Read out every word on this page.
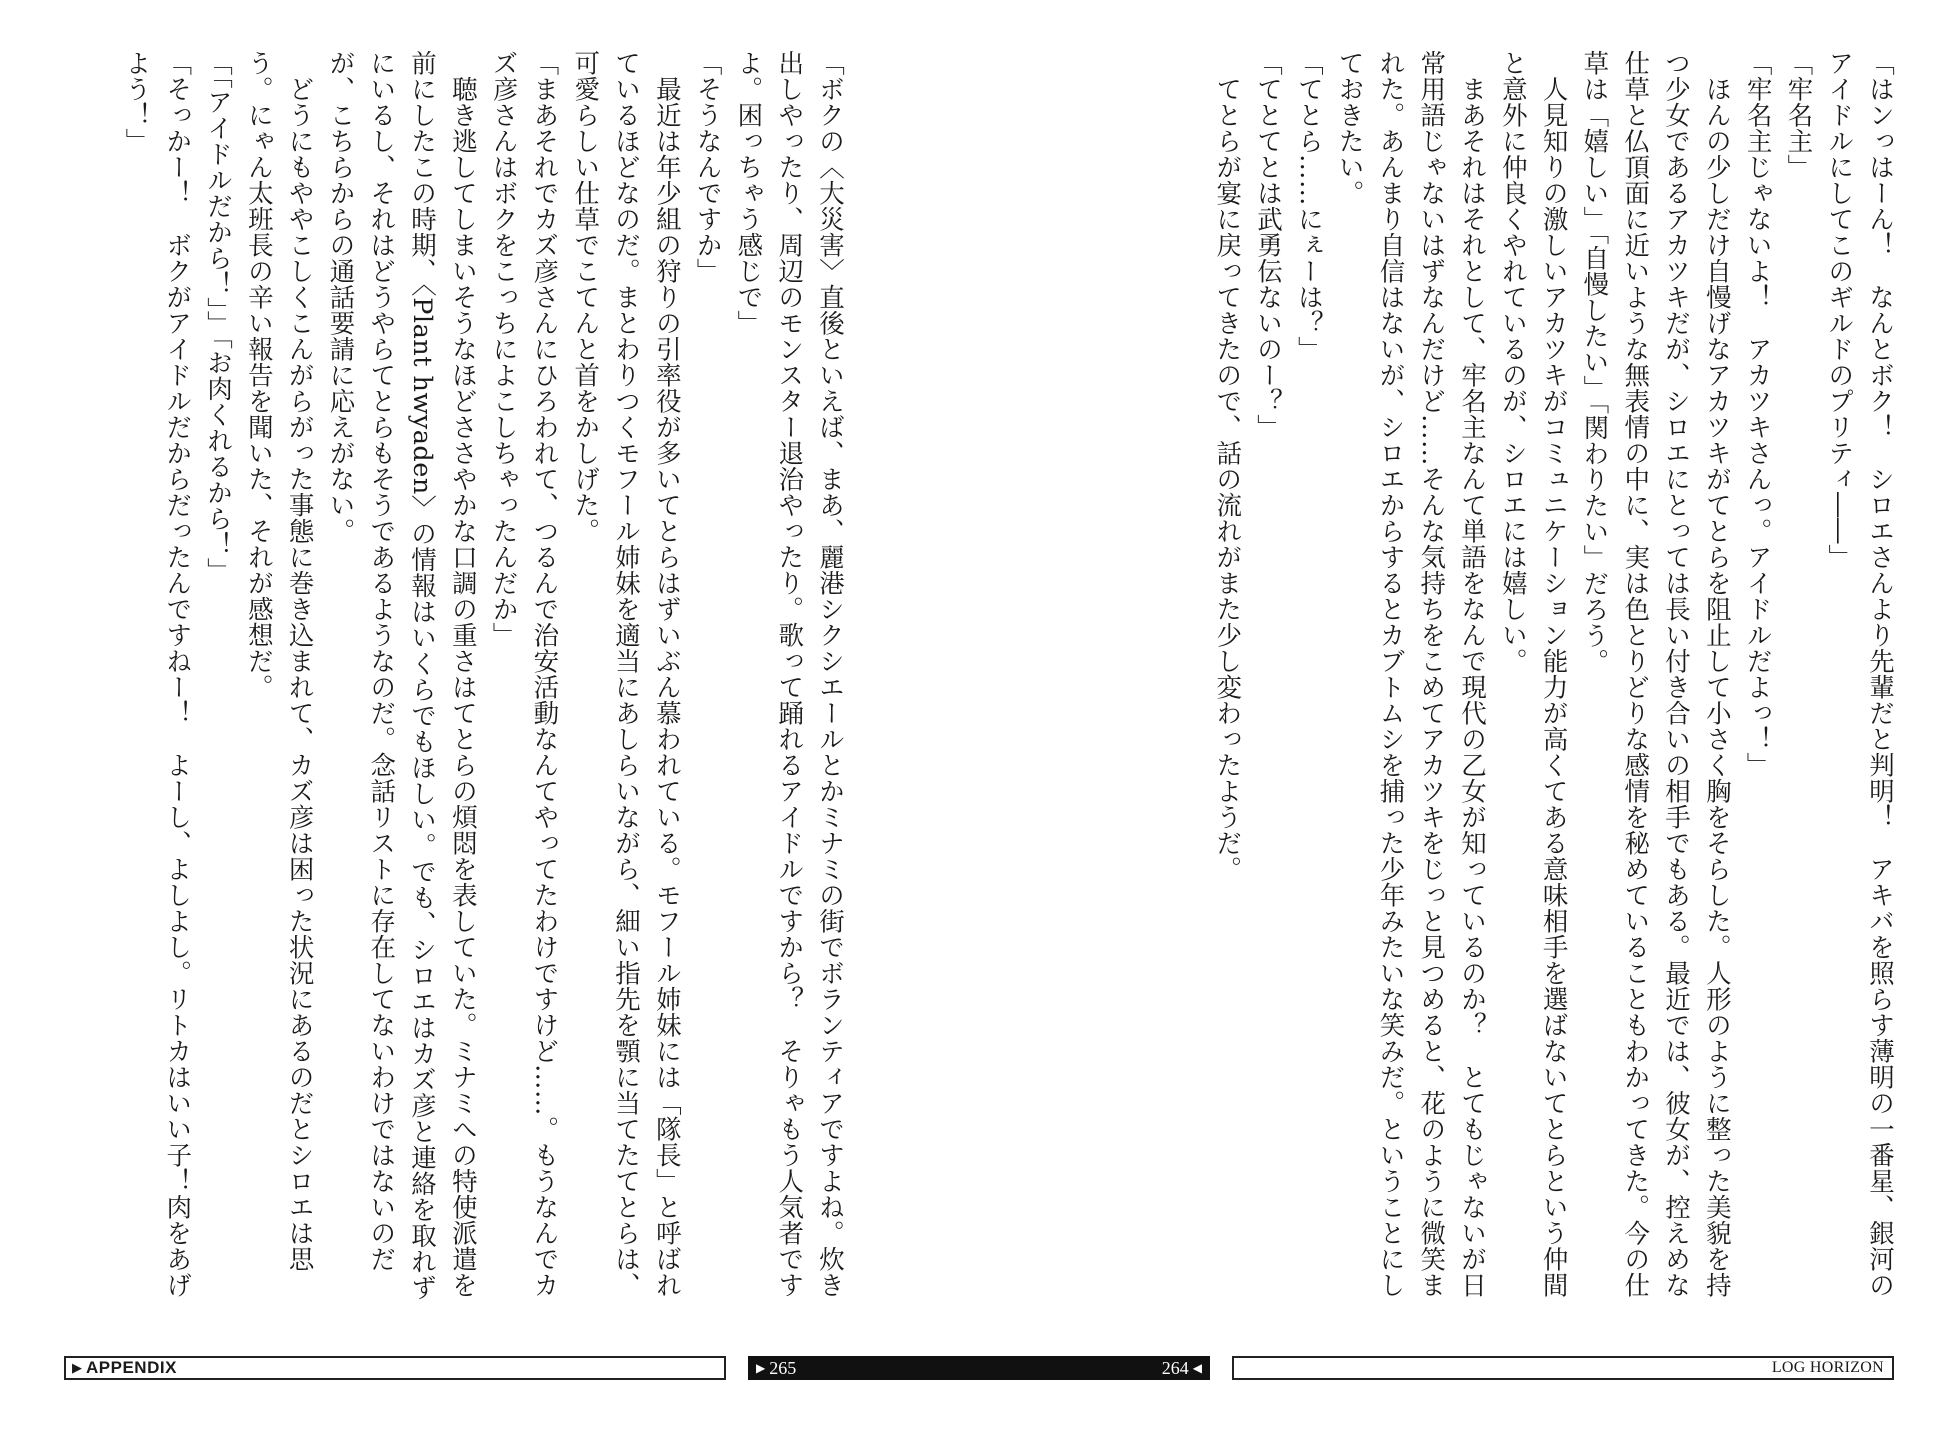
「はンっはーん！　なんとボク！　シロエさんより先輩だと判明！　アキバを照らす薄明の一番星、銀河のアイドルにしてこのギルドのプリティ――」

「牢名主」

「牢名主じゃないよ！　アカツキさんっ。アイドルだよっ！」

ほんの少しだけ自慢げなアカツキがてとらを阻止して小さく胸をそらした。人形のように整った美貌を持つ少女であるアカツキだが、シロエにとっては長い付き合いの相手でもある。最近では、彼女が、控えめな仕草と仏頂面に近いような無表情の中に、実は色とりどりな感情を秘めていることもわかってきた。今の仕草は「嬉しい」「自慢したい」「関わりたい」だろう。

人見知りの激しいアカツキがコミュニケーション能力が高くてある意味相手を選ばないてとらという仲間と意外に仲良くやれているのが、シロエには嬉しい。

まあそれはそれとして、牢名主なんて単語をなんで現代の乙女が知っているのか？　とてもじゃないが日常用語じゃないはずなんだけど……そんな気持ちをこめてアカツキをじっと見つめると、花のように微笑まれた。あんまり自信はないが、シロエからするとカブトムシを捕った少年みたいな笑みだ。ということにしておきたい。

「てとら……にぇーは？」

「てとてとは武勇伝ないのー？」

てとらが宴に戻ってきたので、話の流れがまた少し変わったようだ。

「ボクの〈大災害〉直後といえば、まあ、麗港シクシエールとかミナミの街でボランティアですよね。炊き出しやったり、周辺のモンスター退治やったり。歌って踊れるアイドルですから？　そりゃもう人気者ですよ。困っちゃう感じで」

「そうなんですか」

最近は年少組の狩りの引率役が多いてとらはずいぶん慕われている。モフール姉妹には「隊長」と呼ばれているほどなのだ。まとわりつくモフール姉妹を適当にあしらいながら、細い指先を顎に当てたてとらは、可愛らしい仕草でこてんと首をかしげた。

「まあそれでカズ彦さんにひろわれて、つるんで治安活動なんてやってたわけですけど……。もうなんでカズ彦さんはボクをこっちによこしちゃったんだか」

聴き逃してしまいそうなほどささやかな口調の重さはてとらの煩悶を表していた。ミナミへの特使派遣を前にしたこの時期、〈Plant hwyaden〉の情報はいくらでもほしい。でも、シロエはカズ彦と連絡を取れずにいるし、それはどうやらてとらもそうであるようなのだ。念話リストに存在してないわけではないのだが、こちらからの通話要請に応えがない。

どうにもややこしくこんがらがった事態に巻き込まれて、カズ彦は困った状況にあるのだとシロエは思う。にゃん太班長の辛い報告を聞いた、それが感想だ。

「「アイドルだから！」」「お肉くれるから！」

「そっかー！　ボクがアイドルだからだったんですねー！　よーし、よしよし。リトカはいい子！肉をあげよう！」

▶ APPENDIX	▶ 265	264 ◀	LOG HORIZON
